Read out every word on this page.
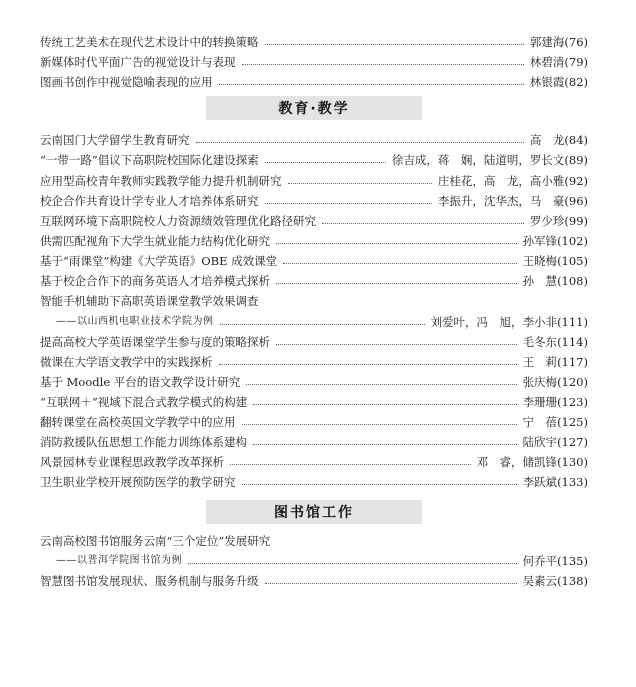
传统工艺美术在现代艺术设计中的转换策略	郭建海 (76)
新媒体时代平面广告的视觉设计与表现	林碧清 (79)
图画书创作中视觉隐喻表现的应用	林银霞 (82)
教育·教学
云南国门大学留学生教育研究	高　龙 (84)
“一带一路”倡议下高职院校国际化建设探索	徐吉成，蒋　娴，陆道明，罗长文 (89)
应用型高校青年教师实践教学能力提升机制研究	庄桂花，高　龙，高小雅 (92)
校企合作共育设计学专业人才培养体系研究	李振升，沈华杰，马　豪 (96)
互联网环境下高职院校人力资源绩效管理优化路径研究	罗少珍 (99)
供需匹配视角下大学生就业能力结构优化研究	孙军锋 (102)
基于“雨课堂”构建《大学英语》OBE 成效课堂	王晓梅 (105)
基于校企合作下的商务英语人才培养模式探析	孙　慧 (108)
智能手机辅助下高职英语课堂教学效果调查
——以山西机电职业技术学院为例	刘爱叶，冯　旭，李小非 (111)
提高高校大学英语课堂学生参与度的策略探析	毛冬东 (114)
微课在大学语文教学中的实践探析	王　莉 (117)
基于 Moodle 平台的语文教学设计研究	张庆梅 (120)
“互联网＋”视域下混合式教学模式的构建	李珊珊 (123)
翻转课堂在高校英国文学教学中的应用	宁　蓓 (125)
消防救援队伍思想工作能力训练体系建构	陆欣宇 (127)
风景园林专业课程思政教学改革探析	邓　睿，储凯锋 (130)
卫生职业学校开展预防医学的教学研究	李跃斌 (133)
图书馆工作
云南高校图书馆服务云南“三个定位”发展研究
——以普洱学院图书馆为例	何乔平 (135)
智慧图书馆发展现状、服务机制与服务升级	吴素云 (138)
